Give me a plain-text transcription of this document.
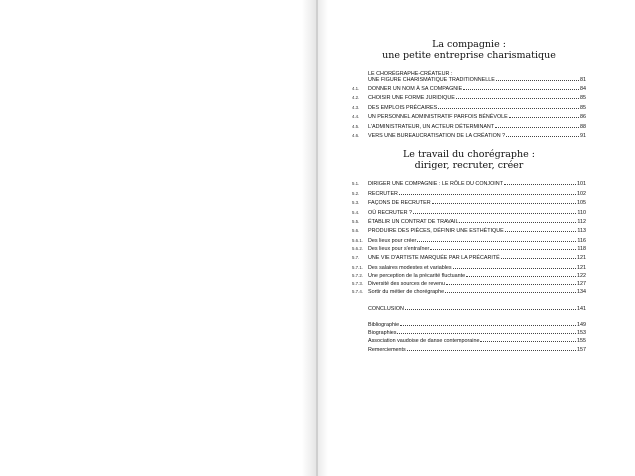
La compagnie :
une petite entreprise charismatique
LE CHORÉGRAPHE-CRÉATEUR :
UNE FIGURE CHARISMATIQUE TRADITIONNELLE	81
4.1. DONNER UN NOM À SA COMPAGNIE	84
4.2. CHOISIR UNE FORME JURIDIQUE	85
4.3. DES EMPLOIS PRÉCAIRES	85
4.4. UN PERSONNEL ADMINISTRATIF PARFOIS BÉNÉVOLE	86
4.5. L'ADMINISTRATEUR, UN ACTEUR DÉTERMINANT	88
4.6. VERS UNE BUREAUCRATISATION DE LA CRÉATION ?	91
Le travail du chorégraphe :
diriger, recruter, créer
5.1. DIRIGER UNE COMPAGNIE : LE RÔLE DU CONJOINT	101
5.2. RECRUTER	102
5.3. FAÇONS DE RECRUTER	105
5.4. OÙ RECRUTER ?	110
5.5. ÉTABLIR UN CONTRAT DE TRAVAIL	112
5.6. PRODUIRE DES PIÈCES, DÉFINIR UNE ESTHÉTIQUE	113
5.6.1. Des lieux pour créer	116
5.6.2. Des lieux pour s'entraîner	118
5.7. UNE VIE D'ARTISTE MARQUÉE PAR LA PRÉCARITÉ	121
5.7.1. Des salaires modestes et variables	121
5.7.2. Une perception de la précarité fluctuante	122
5.7.3. Diversité des sources de revenu	127
5.7.4. Sortir du métier de chorégraphe	134
CONCLUSION	141
Bibliographie	149
Biographies	153
Association vaudoise de danse contemporaine	155
Remerciements	157
